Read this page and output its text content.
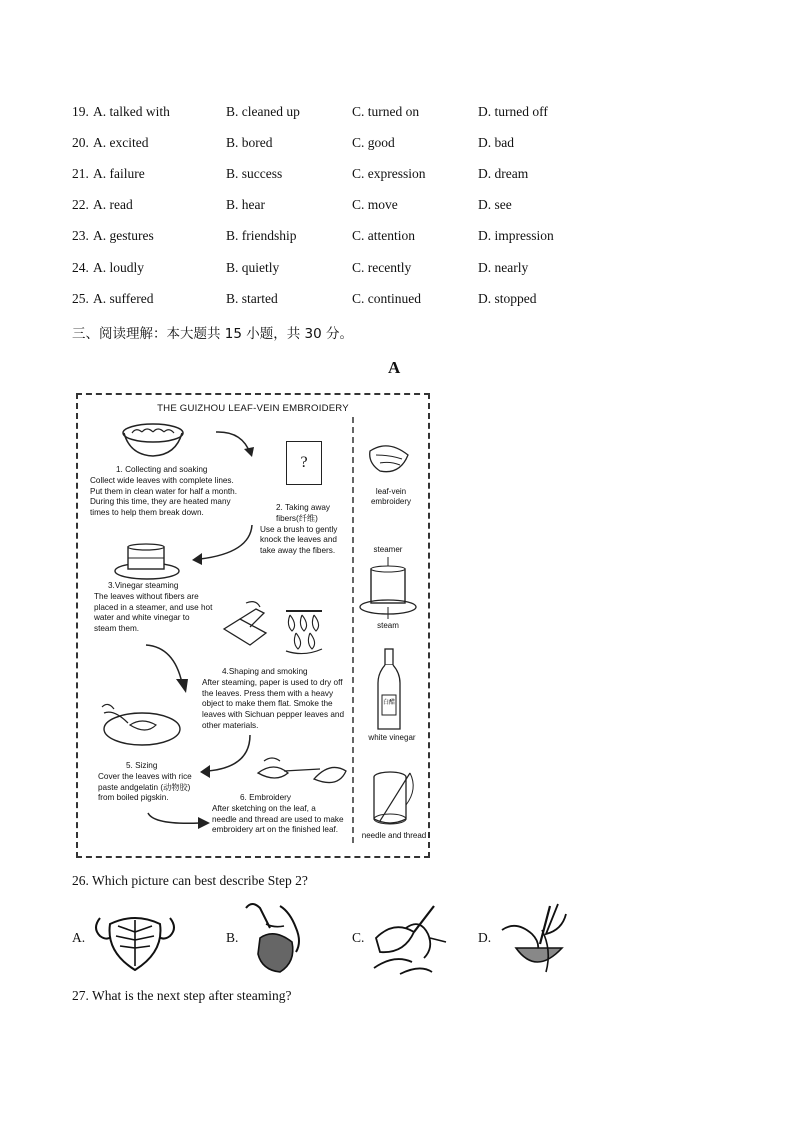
19. A. talked with	B. cleaned up	C. turned on	D. turned off
20. A. excited	B. bored	C. good	D. bad
21. A. failure	B. success	C. expression	D. dream
22. A. read	B. hear	C. move	D. see
23. A. gestures	B. friendship	C. attention	D. impression
24. A. loudly	B. quietly	C. recently	D. nearly
25. A. suffered	B. started	C. continued	D. stopped
三、阅读理解：本大题共 15 小题，共 30 分。
A
THE GUIZHOU LEAF-VEIN EMBROIDERY
1. Collecting and soaking
Collect wide leaves with complete lines.
Put them in clean water for half a month.
During this time, they are heated many
times to help them break down.
?
2. Taking away
fibers(纤维)
Use a brush to gently
knock the leaves and
take away the fibers.
3.Vinegar steaming
The leaves without fibers are
placed in a steamer, and use hot
water and white vinegar to
steam them.
4.Shaping and smoking
After steaming, paper is used to dry off
the leaves. Press them with a heavy
object to make them flat. Smoke the
leaves with Sichuan pepper leaves and
other materials.
5. Sizing
Cover the leaves with rice
paste andgelatin (动物胶)
from boiled pigskin.	6. Embroidery
After sketching on the leaf, a
needle and thread are used to make
embroidery art on the finished leaf.
leaf-vein
embroidery
steamer
steam
白醋
white vinegar
needle and thread
26. Which picture can best describe Step 2?
A.	B.	C.	D.
27. What is the next step after steaming?
